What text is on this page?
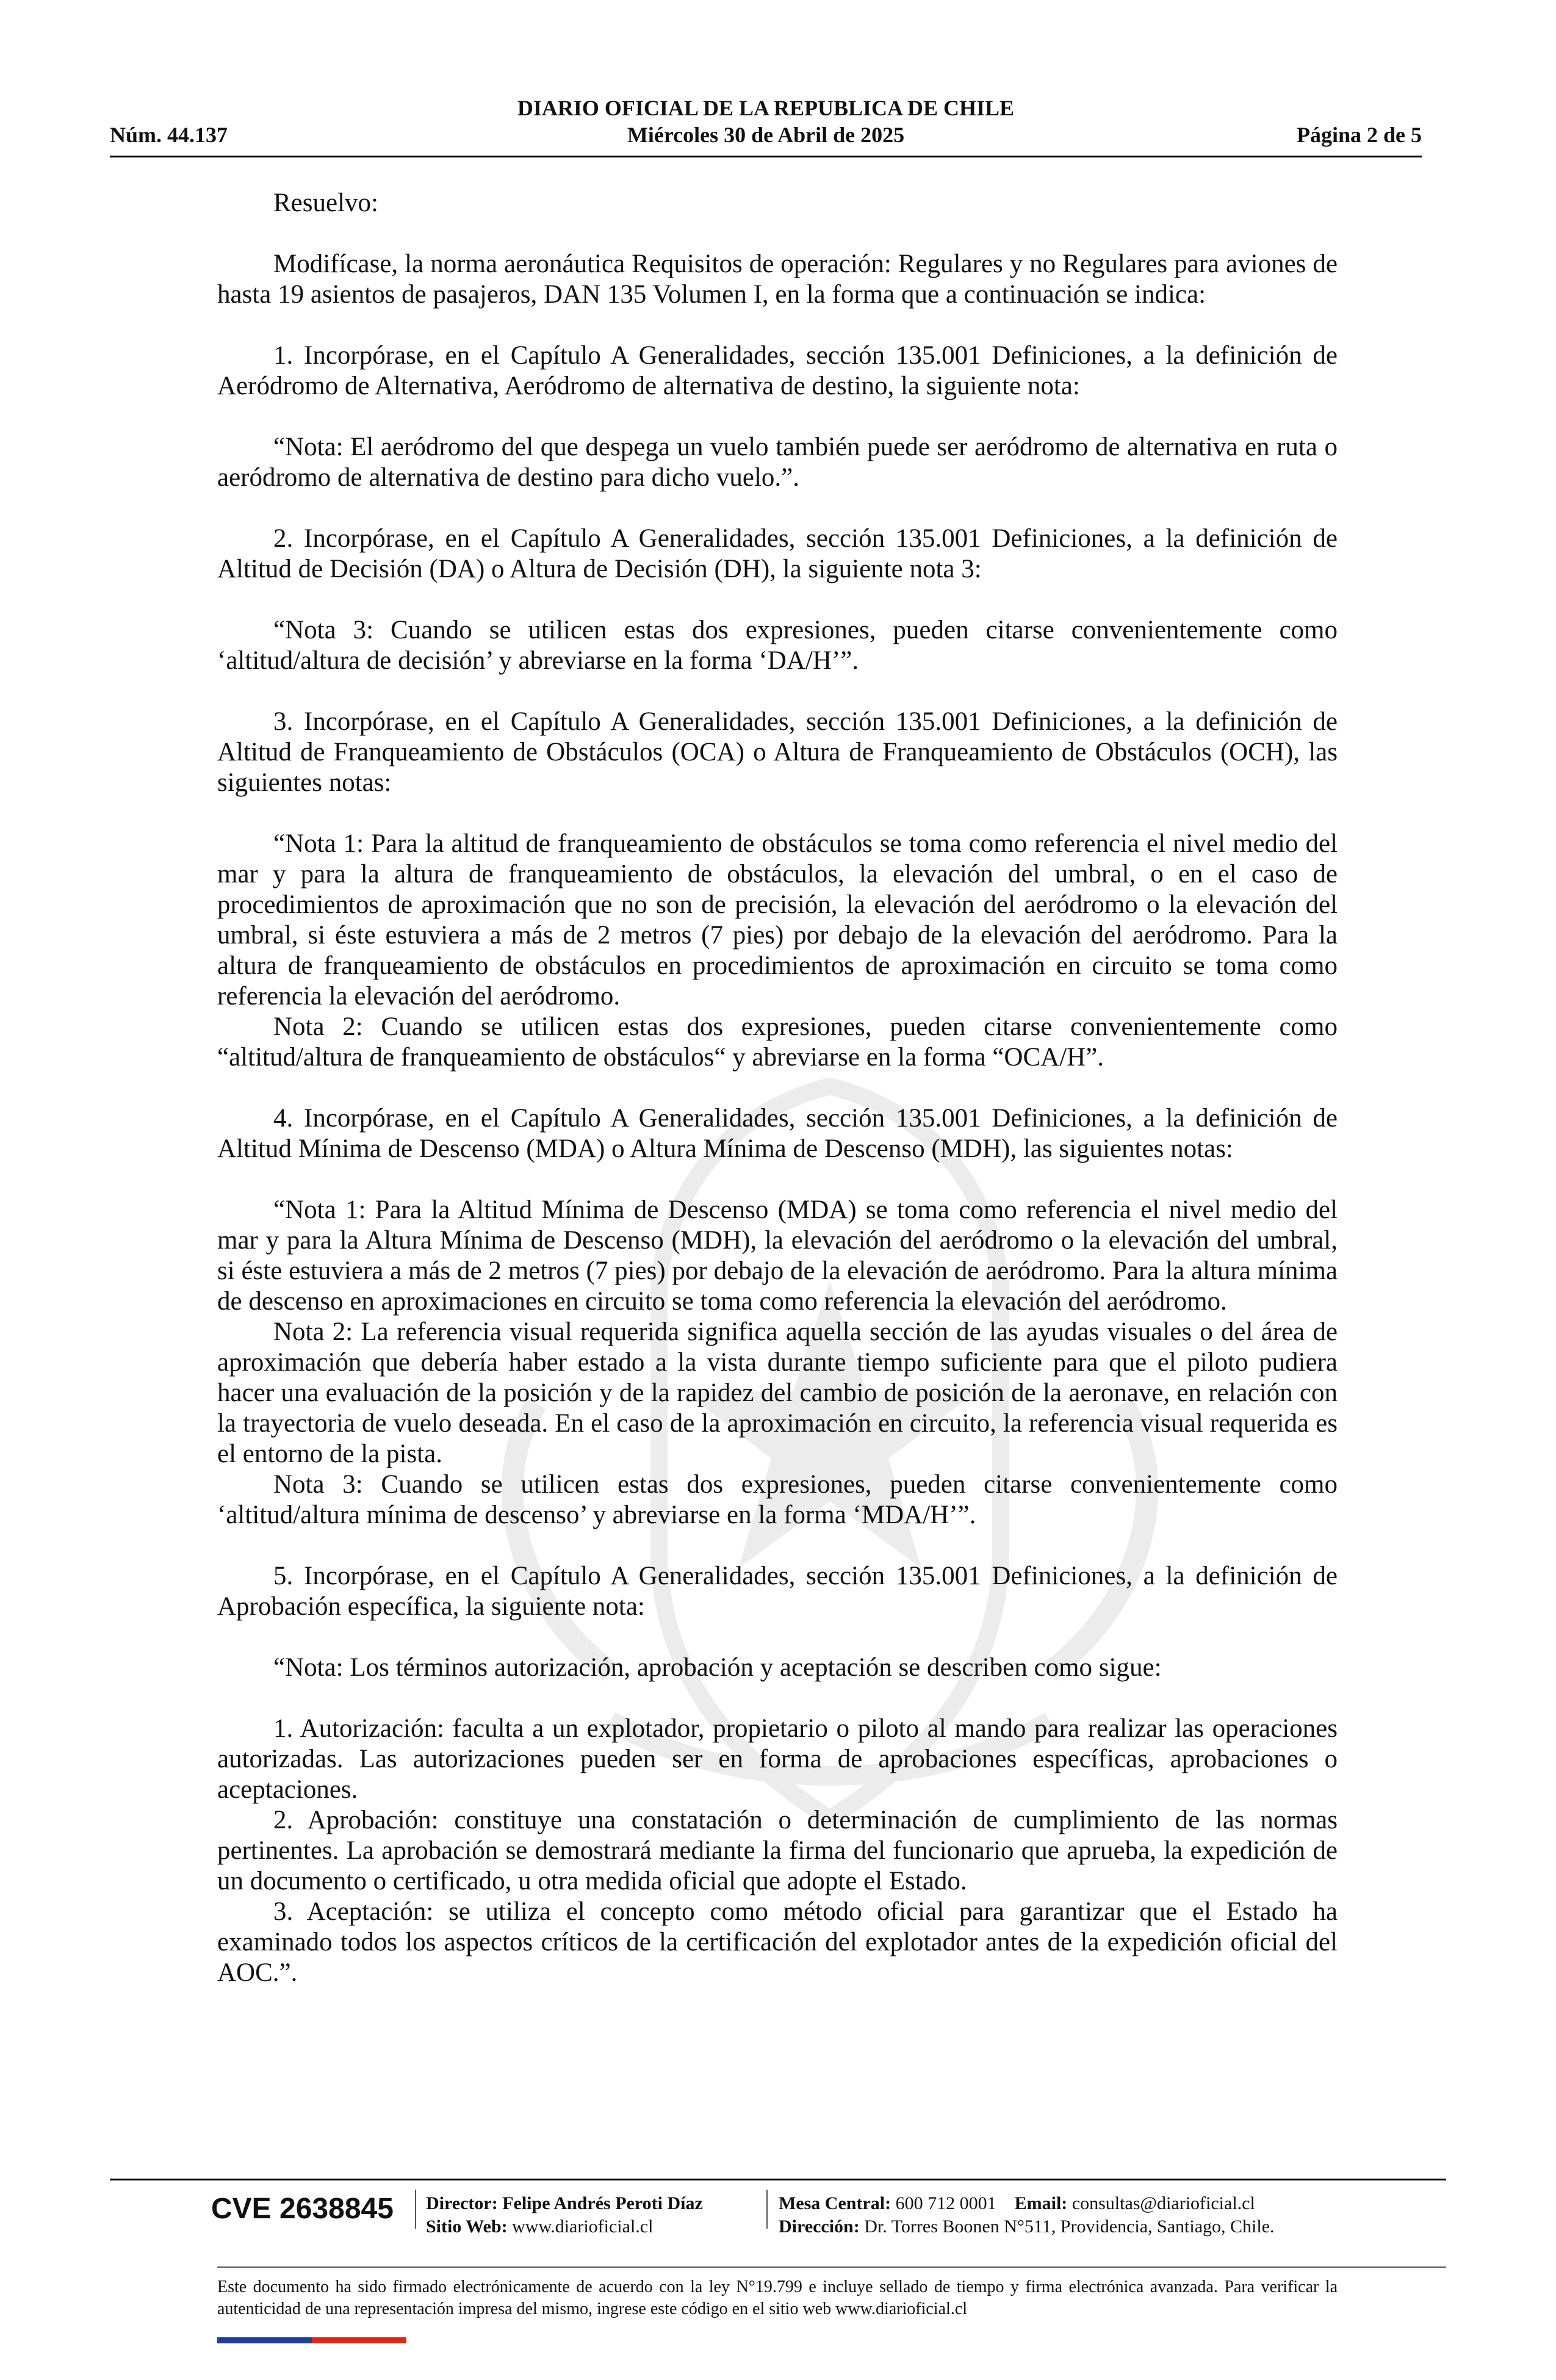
DIARIO OFICIAL DE LA REPUBLICA DE CHILE
Núm. 44.137	Miércoles 30 de Abril de 2025	Página 2 de 5

Resuelvo:

Modifícase, la norma aeronáutica Requisitos de operación: Regulares y no Regulares para aviones de hasta 19 asientos de pasajeros, DAN 135 Volumen I, en la forma que a continuación se indica:

1. Incorpórase, en el Capítulo A Generalidades, sección 135.001 Definiciones, a la definición de Aeródromo de Alternativa, Aeródromo de alternativa de destino, la siguiente nota:

“Nota: El aeródromo del que despega un vuelo también puede ser aeródromo de alternativa en ruta o aeródromo de alternativa de destino para dicho vuelo.”.

2. Incorpórase, en el Capítulo A Generalidades, sección 135.001 Definiciones, a la definición de Altitud de Decisión (DA) o Altura de Decisión (DH), la siguiente nota 3:

“Nota 3: Cuando se utilicen estas dos expresiones, pueden citarse convenientemente como ‘altitud/altura de decisión’ y abreviarse en la forma ‘DA/H’”.

3. Incorpórase, en el Capítulo A Generalidades, sección 135.001 Definiciones, a la definición de Altitud de Franqueamiento de Obstáculos (OCA) o Altura de Franqueamiento de Obstáculos (OCH), las siguientes notas:

“Nota 1: Para la altitud de franqueamiento de obstáculos se toma como referencia el nivel medio del mar y para la altura de franqueamiento de obstáculos, la elevación del umbral, o en el caso de procedimientos de aproximación que no son de precisión, la elevación del aeródromo o la elevación del umbral, si éste estuviera a más de 2 metros (7 pies) por debajo de la elevación del aeródromo. Para la altura de franqueamiento de obstáculos en procedimientos de aproximación en circuito se toma como referencia la elevación del aeródromo.

Nota 2: Cuando se utilicen estas dos expresiones, pueden citarse convenientemente como “altitud/altura de franqueamiento de obstáculos“ y abreviarse en la forma “OCA/H”.

4. Incorpórase, en el Capítulo A Generalidades, sección 135.001 Definiciones, a la definición de Altitud Mínima de Descenso (MDA) o Altura Mínima de Descenso (MDH), las siguientes notas:

“Nota 1: Para la Altitud Mínima de Descenso (MDA) se toma como referencia el nivel medio del mar y para la Altura Mínima de Descenso (MDH), la elevación del aeródromo o la elevación del umbral, si éste estuviera a más de 2 metros (7 pies) por debajo de la elevación de aeródromo. Para la altura mínima de descenso en aproximaciones en circuito se toma como referencia la elevación del aeródromo.

Nota 2: La referencia visual requerida significa aquella sección de las ayudas visuales o del área de aproximación que debería haber estado a la vista durante tiempo suficiente para que el piloto pudiera hacer una evaluación de la posición y de la rapidez del cambio de posición de la aeronave, en relación con la trayectoria de vuelo deseada. En el caso de la aproximación en circuito, la referencia visual requerida es el entorno de la pista.

Nota 3: Cuando se utilicen estas dos expresiones, pueden citarse convenientemente como ‘altitud/altura mínima de descenso’ y abreviarse en la forma ‘MDA/H’”.

5. Incorpórase, en el Capítulo A Generalidades, sección 135.001 Definiciones, a la definición de Aprobación específica, la siguiente nota:

“Nota: Los términos autorización, aprobación y aceptación se describen como sigue:

1. Autorización: faculta a un explotador, propietario o piloto al mando para realizar las operaciones autorizadas. Las autorizaciones pueden ser en forma de aprobaciones específicas, aprobaciones o aceptaciones.

2. Aprobación: constituye una constatación o determinación de cumplimiento de las normas pertinentes. La aprobación se demostrará mediante la firma del funcionario que aprueba, la expedición de un documento o certificado, u otra medida oficial que adopte el Estado.

3. Aceptación: se utiliza el concepto como método oficial para garantizar que el Estado ha examinado todos los aspectos críticos de la certificación del explotador antes de la expedición oficial del AOC.”.

CVE 2638845 Director: Felipe Andrés Peroti Díaz
Sitio Web: www.diarioficial.cl
Mesa Central: 600 712 0001 Email: consultas@diarioficial.cl
Dirección: Dr. Torres Boonen N°511, Providencia, Santiago, Chile.
Este documento ha sido firmado electrónicamente de acuerdo con la ley N°19.799 e incluye sellado de tiempo y firma electrónica avanzada. Para verificar la autenticidad de una representación impresa del mismo, ingrese este código en el sitio web www.diarioficial.cl
